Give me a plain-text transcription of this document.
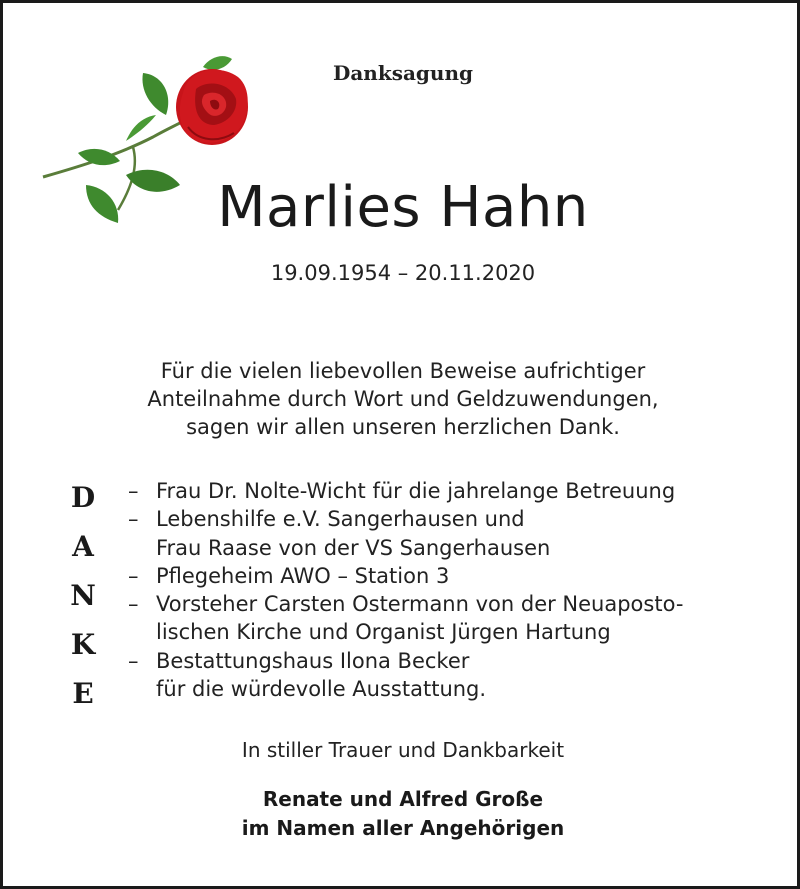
Danksagung
Marlies Hahn
19.09.1954 – 20.11.2020
Für die vielen liebevollen Beweise aufrichtiger
Anteilnahme durch Wort und Geldzuwendungen,
sagen wir allen unseren herzlichen Dank.
D
A
N
K
E
– Frau Dr. Nolte-Wicht für die jahrelange Betreuung
– Lebenshilfe e.V. Sangerhausen und
Frau Raase von der VS Sangerhausen
– Pflegeheim AWO – Station 3
– Vorsteher Carsten Ostermann von der Neuaposto-
lischen Kirche und Organist Jürgen Hartung
– Bestattungshaus Ilona Becker
für die würdevolle Ausstattung.
In stiller Trauer und Dankbarkeit
Renate und Alfred Große
im Namen aller Angehörigen
